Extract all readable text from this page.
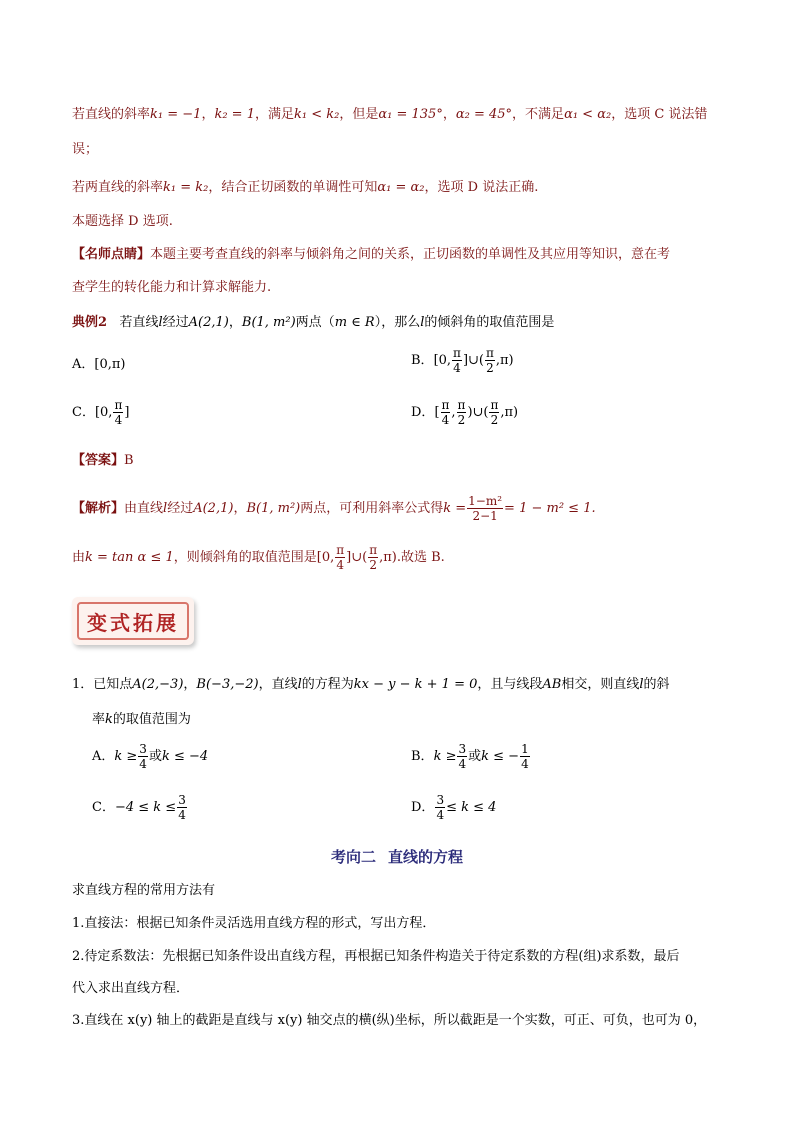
若直线的斜率k₁ = −1，k₂ = 1，满足k₁ < k₂，但是α₁ = 135°，α₂ = 45°，不满足α₁ < α₂，选项 C 说法错
误；
若两直线的斜率k₁ = k₂，结合正切函数的单调性可知α₁ = α₂，选项 D 说法正确.
本题选择 D 选项.
【名师点睛】本题主要考查直线的斜率与倾斜角之间的关系，正切函数的单调性及其应用等知识，意在考
查学生的转化能力和计算求解能力.
典例2 若直线l经过A(2,1)，B(1, m²)两点（m ∈ R），那么l的倾斜角的取值范围是
A．[0,π)	B．[0, $\frac{\pi}{4}$ ]∪( $\frac{\pi}{2} ,\pi$)
C．[0, $\frac{\pi}{4}$ ]	D．[ $\frac{\pi}{4}$ , $\frac{\pi}{2}$ )∪( $\frac{\pi}{2} ,\pi$)
【答案】B
【解析】由直线l经过A(2,1)，B(1, m²)两点，可利用斜率公式得$k = \frac{\text{1−m²}}{2-1} = 1 - m^2 \le 1$.
由k = tan α ≤ 1，则倾斜角的取值范围是[0, $\frac{\pi}{4}$ ]∪( $\frac{\pi}{2} ,\pi$).故选 B.
变式拓展
1．已知点A(2,−3)，B(−3,−2)，直线l的方程为kx − y − k + 1 = 0，且与线段AB相交，则直线l的斜
率k的取值范围为
A．$k \ge \frac{3}{4}$ 或k ≤ −4	B．$k \ge \frac{3}{4}$ 或k ≤ − $\frac{1}{4}$
C．$-4 \le k \le \frac{3}{4}$	D． $\frac{3}{4} \le k \le 4$
考向二 直线的方程
求直线方程的常用方法有
1.直接法：根据已知条件灵活选用直线方程的形式，写出方程．
2.待定系数法：先根据已知条件设出直线方程，再根据已知条件构造关于待定系数的方程(组)求系数，最后
代入求出直线方程．
3.直线在 x(y) 轴上的截距是直线与 x(y) 轴交点的横(纵)坐标，所以截距是一个实数，可正、可负，也可为 0，
